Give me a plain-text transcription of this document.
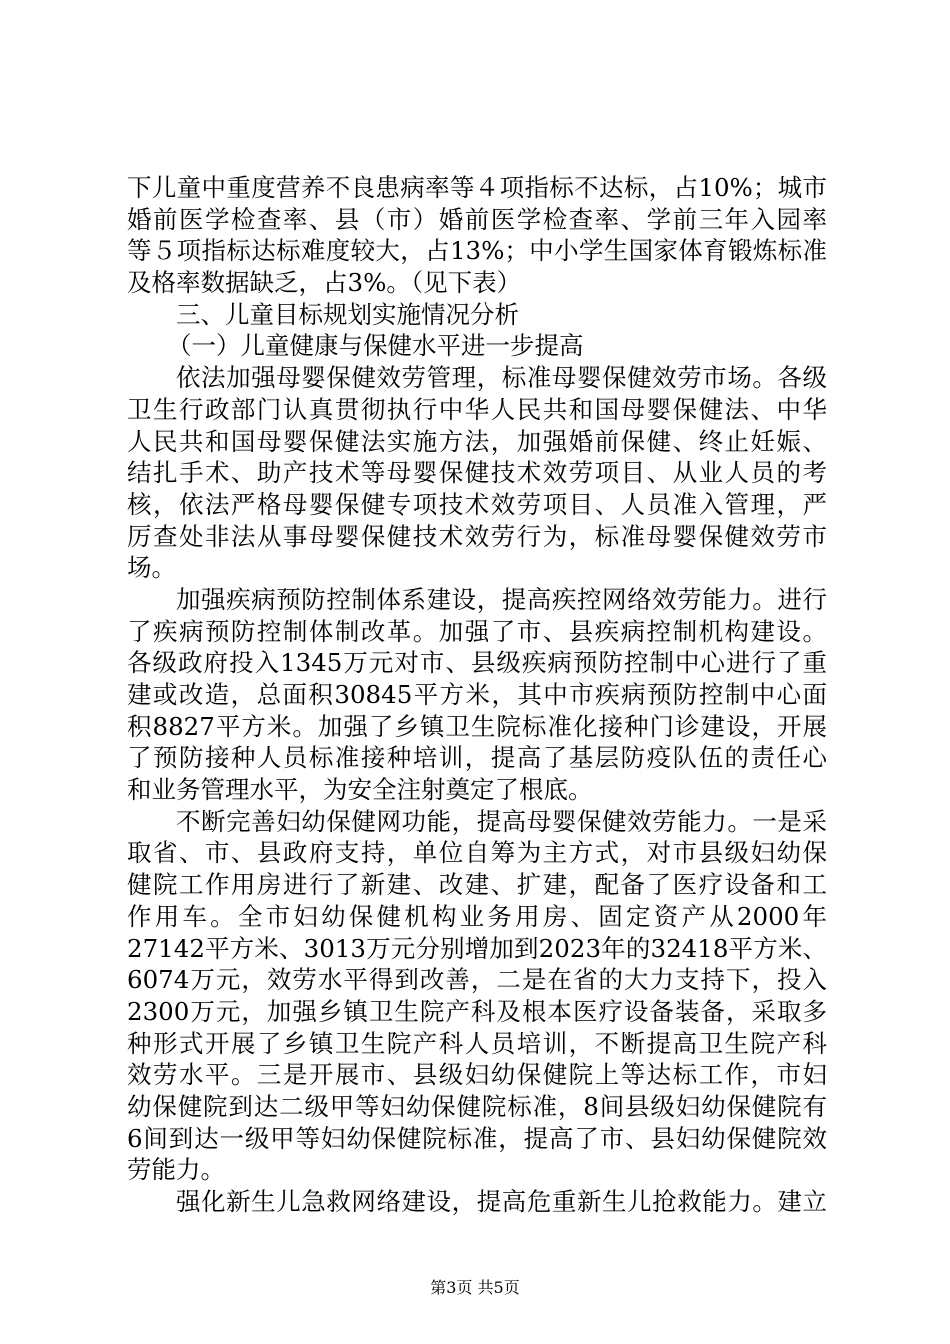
下儿童中重度营养不良患病率等４项指标不达标，占10%；城市
婚前医学检查率、县（市）婚前医学检查率、学前三年入园率
等５项指标达标难度较大，占13%；中小学生国家体育锻炼标准
及格率数据缺乏，占3%。（见下表）
三、儿童目标规划实施情况分析
（一）儿童健康与保健水平进一步提高
依法加强母婴保健效劳管理，标准母婴保健效劳市场。各级
卫生行政部门认真贯彻执行中华人民共和国母婴保健法、中华
人民共和国母婴保健法实施方法，加强婚前保健、终止妊娠、
结扎手术、助产技术等母婴保健技术效劳项目、从业人员的考
核，依法严格母婴保健专项技术效劳项目、人员准入管理，严
厉查处非法从事母婴保健技术效劳行为，标准母婴保健效劳市
场。
加强疾病预防控制体系建设，提高疾控网络效劳能力。进行
了疾病预防控制体制改革。加强了市、县疾病控制机构建设。
各级政府投入1345万元对市、县级疾病预防控制中心进行了重
建或改造，总面积30845平方米，其中市疾病预防控制中心面
积8827平方米。加强了乡镇卫生院标准化接种门诊建设，开展
了预防接种人员标准接种培训，提高了基层防疫队伍的责任心
和业务管理水平，为安全注射奠定了根底。
不断完善妇幼保健网功能，提高母婴保健效劳能力。一是采
取省、市、县政府支持，单位自筹为主方式，对市县级妇幼保
健院工作用房进行了新建、改建、扩建，配备了医疗设备和工
作用车。全市妇幼保健机构业务用房、固定资产从2000年
27142平方米、3013万元分别增加到2023年的32418平方米、
6074万元，效劳水平得到改善，二是在省的大力支持下，投入
2300万元，加强乡镇卫生院产科及根本医疗设备装备，采取多
种形式开展了乡镇卫生院产科人员培训，不断提高卫生院产科
效劳水平。三是开展市、县级妇幼保健院上等达标工作，市妇
幼保健院到达二级甲等妇幼保健院标准，8间县级妇幼保健院有
6间到达一级甲等妇幼保健院标准，提高了市、县妇幼保健院效
劳能力。
强化新生儿急救网络建设，提高危重新生儿抢救能力。建立
第3页 共5页
